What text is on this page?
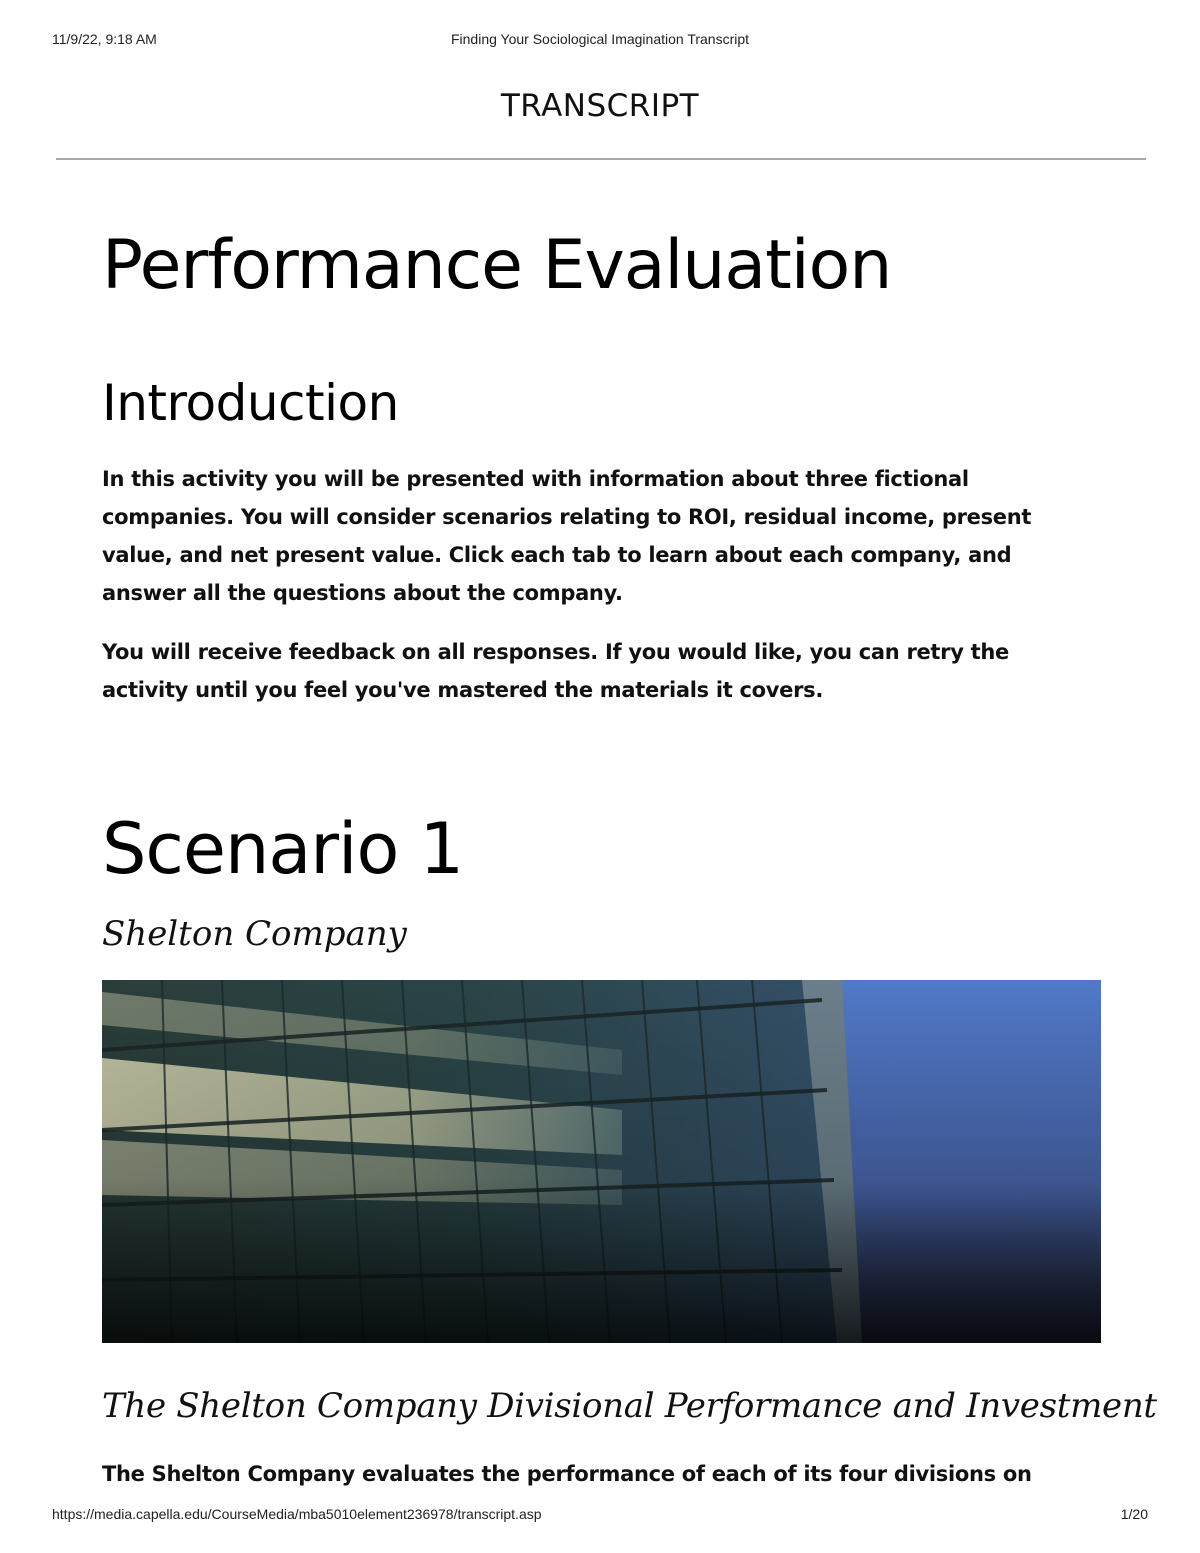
11/9/22, 9:18 AM	Finding Your Sociological Imagination Transcript
TRANSCRIPT
Performance Evaluation
Introduction

In this activity you will be presented with information about three fictional companies. You will consider scenarios relating to ROI, residual income, present value, and net present value. Click each tab to learn about each company, and answer all the questions about the company.

You will receive feedback on all responses. If you would like, you can retry the activity until you feel you've mastered the materials it covers.

Scenario 1
Shelton Company
The Shelton Company Divisional Performance and Investment

The Shelton Company evaluates the performance of each of its four divisions on

https://media.capella.edu/CourseMedia/mba5010element236978/transcript.asp	1/20
